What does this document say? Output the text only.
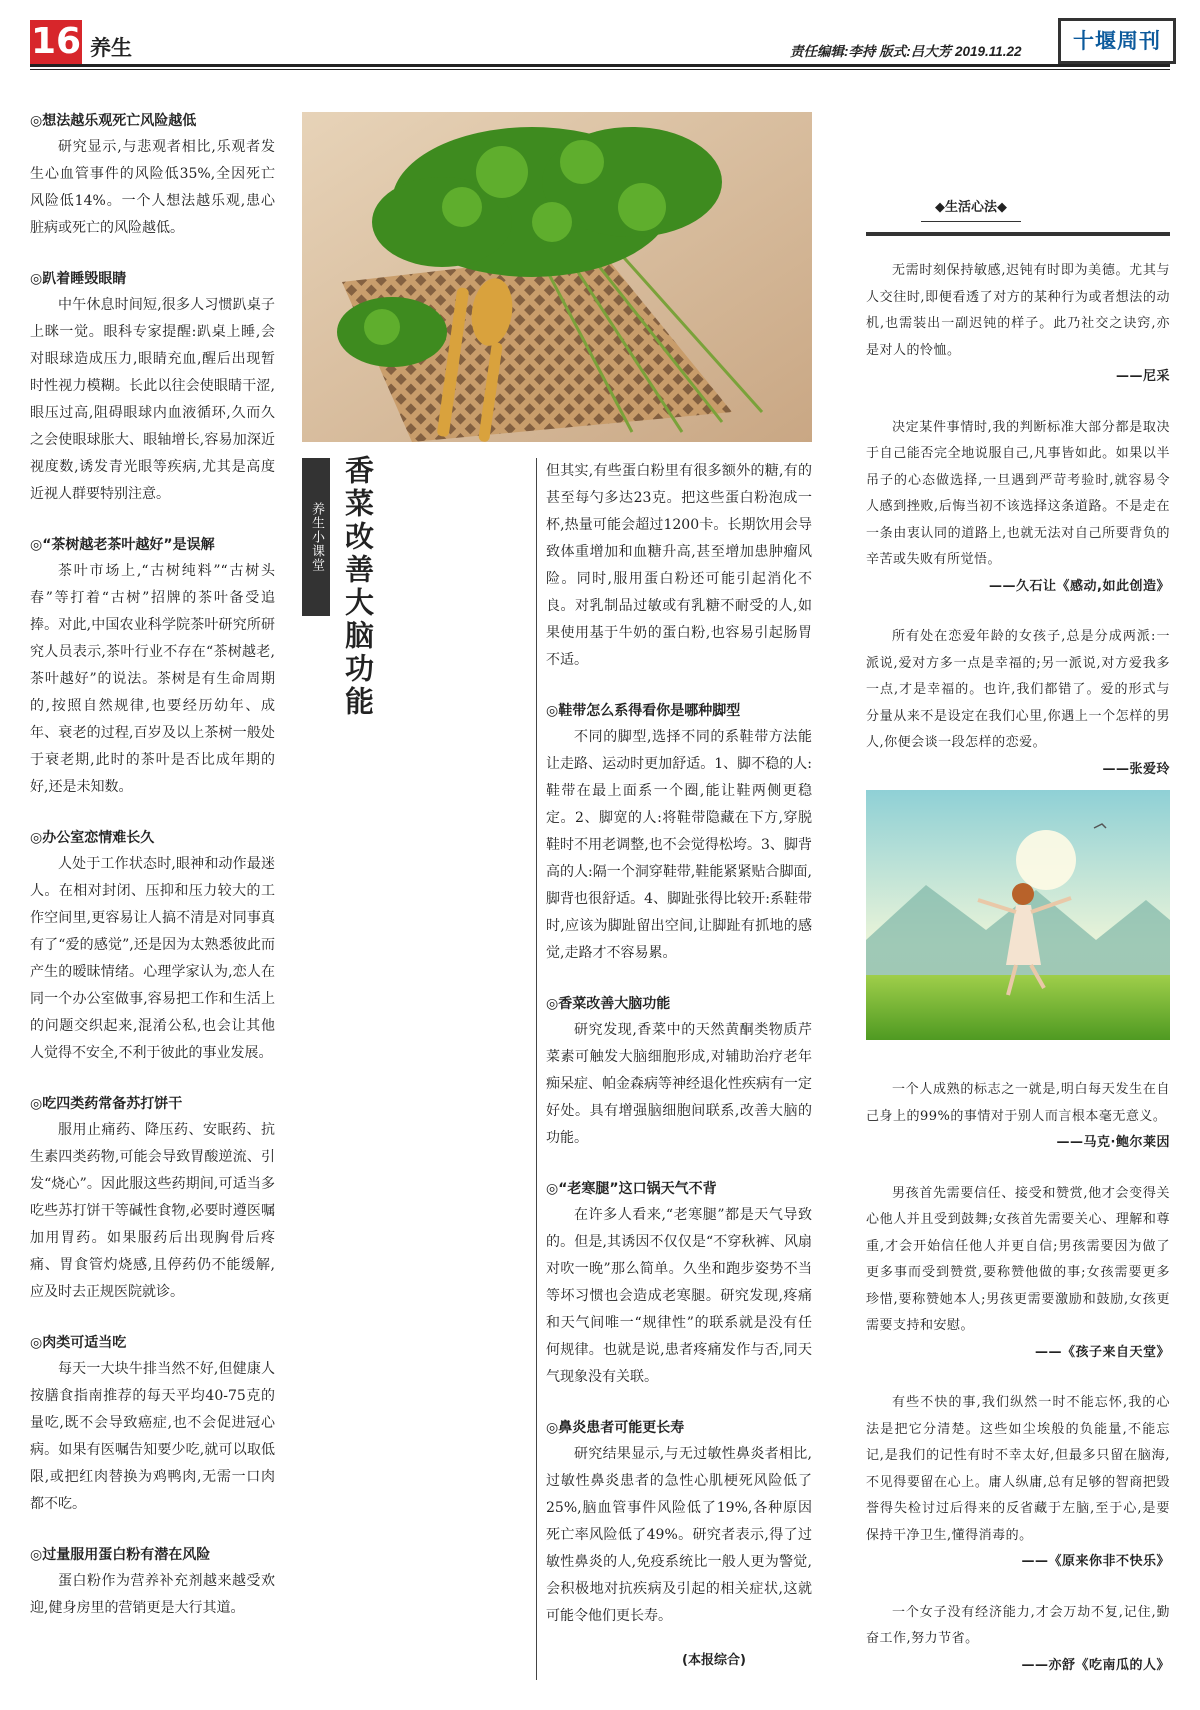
16 养生	责任编辑:李持 版式:吕大芳 2019.11.22	十堰周刊
◎想法越乐观死亡风险越低

研究显示,与悲观者相比,乐观者发生心血管事件的风险低35%,全因死亡风险低14%。一个人想法越乐观,患心脏病或死亡的风险越低。

◎趴着睡毁眼睛

中午休息时间短,很多人习惯趴桌子上眯一觉。眼科专家提醒:趴桌上睡,会对眼球造成压力,眼睛充血,醒后出现暂时性视力模糊。长此以往会使眼睛干涩,眼压过高,阻碍眼球内血液循环,久而久之会使眼球胀大、眼轴增长,容易加深近视度数,诱发青光眼等疾病,尤其是高度近视人群要特别注意。

◎“茶树越老茶叶越好”是误解

茶叶市场上,“古树纯料”“古树头春”等打着“古树”招牌的茶叶备受追捧。对此,中国农业科学院茶叶研究所研究人员表示,茶叶行业不存在“茶树越老,茶叶越好”的说法。茶树是有生命周期的,按照自然规律,也要经历幼年、成年、衰老的过程,百岁及以上茶树一般处于衰老期,此时的茶叶是否比成年期的好,还是未知数。

◎办公室恋情难长久

人处于工作状态时,眼神和动作最迷人。在相对封闭、压抑和压力较大的工作空间里,更容易让人搞不清是对同事真有了“爱的感觉”,还是因为太熟悉彼此而产生的暧昧情绪。心理学家认为,恋人在同一个办公室做事,容易把工作和生活上的问题交织起来,混淆公私,也会让其他人觉得不安全,不利于彼此的事业发展。

◎吃四类药常备苏打饼干

服用止痛药、降压药、安眠药、抗生素四类药物,可能会导致胃酸逆流、引发“烧心”。因此服这些药期间,可适当多吃些苏打饼干等碱性食物,必要时遵医嘱加用胃药。如果服药后出现胸骨后疼痛、胃食管灼烧感,且停药仍不能缓解,应及时去正规医院就诊。

◎肉类可适当吃

每天一大块牛排当然不好,但健康人按膳食指南推荐的每天平均40-75克的量吃,既不会导致癌症,也不会促进冠心病。如果有医嘱告知要少吃,就可以取低限,或把红肉替换为鸡鸭肉,无需一口肉都不吃。

◎过量服用蛋白粉有潜在风险

蛋白粉作为营养补充剂越来越受欢迎,健身房里的营销更是大行其道。

养生小课堂 香菜改善大脑功能	但其实,有些蛋白粉里有很多额外的糖,有的甚至每勺多达23克。把这些蛋白粉泡成一杯,热量可能会超过1200卡。长期饮用会导致体重增加和血糖升高,甚至增加患肿瘤风险。同时,服用蛋白粉还可能引起消化不良。对乳制品过敏或有乳糖不耐受的人,如果使用基于牛奶的蛋白粉,也容易引起肠胃不适。

◎鞋带怎么系得看你是哪种脚型

不同的脚型,选择不同的系鞋带方法能让走路、运动时更加舒适。1、脚不稳的人:鞋带在最上面系一个圈,能让鞋两侧更稳定。2、脚宽的人:将鞋带隐藏在下方,穿脱鞋时不用老调整,也不会觉得松垮。3、脚背高的人:隔一个洞穿鞋带,鞋能紧紧贴合脚面,脚背也很舒适。4、脚趾张得比较开:系鞋带时,应该为脚趾留出空间,让脚趾有抓地的感觉,走路才不容易累。

◎香菜改善大脑功能

研究发现,香菜中的天然黄酮类物质芹菜素可触发大脑细胞形成,对辅助治疗老年痴呆症、帕金森病等神经退化性疾病有一定好处。具有增强脑细胞间联系,改善大脑的功能。

◎“老寒腿”这口锅天气不背

在许多人看来,“老寒腿”都是天气导致的。但是,其诱因不仅仅是“不穿秋裤、风扇对吹一晚”那么简单。久坐和跑步姿势不当等坏习惯也会造成老寒腿。研究发现,疼痛和天气间唯一“规律性”的联系就是没有任何规律。也就是说,患者疼痛发作与否,同天气现象没有关联。

◎鼻炎患者可能更长寿

研究结果显示,与无过敏性鼻炎者相比,过敏性鼻炎患者的急性心肌梗死风险低了25%,脑血管事件风险低了19%,各种原因死亡率风险低了49%。研究者表示,得了过敏性鼻炎的人,免疫系统比一般人更为警觉,会积极地对抗疾病及引起的相关症状,这就可能令他们更长寿。

(本报综合)
◆生活心法◆

无需时刻保持敏感,迟钝有时即为美德。尤其与人交往时,即便看透了对方的某种行为或者想法的动机,也需装出一副迟钝的样子。此乃社交之诀窍,亦是对人的怜恤。

——尼采

决定某件事情时,我的判断标准大部分都是取决于自己能否完全地说服自己,凡事皆如此。如果以半吊子的心态做选择,一旦遇到严苛考验时,就容易令人感到挫败,后悔当初不该选择这条道路。不是走在一条由衷认同的道路上,也就无法对自己所要背负的辛苦或失败有所觉悟。

——久石让《感动,如此创造》

所有处在恋爱年龄的女孩子,总是分成两派:一派说,爱对方多一点是幸福的;另一派说,对方爱我多一点,才是幸福的。也许,我们都错了。爱的形式与分量从来不是设定在我们心里,你遇上一个怎样的男人,你便会谈一段怎样的恋爱。

——张爱玲

一个人成熟的标志之一就是,明白每天发生在自己身上的99%的事情对于别人而言根本毫无意义。

——马克·鲍尔莱因

男孩首先需要信任、接受和赞赏,他才会变得关心他人并且受到鼓舞;女孩首先需要关心、理解和尊重,才会开始信任他人并更自信;男孩需要因为做了更多事而受到赞赏,要称赞他做的事;女孩需要更多珍惜,要称赞她本人;男孩更需要激励和鼓励,女孩更需要支持和安慰。

——《孩子来自天堂》

有些不快的事,我们纵然一时不能忘怀,我的心法是把它分清楚。这些如尘埃般的负能量,不能忘记,是我们的记性有时不幸太好,但最多只留在脑海,不见得要留在心上。庸人纵庸,总有足够的智商把毁誉得失检讨过后得来的反省藏于左脑,至于心,是要保持干净卫生,懂得消毒的。

——《原来你非不快乐》

一个女子没有经济能力,才会万劫不复,记住,勤奋工作,努力节省。

——亦舒《吃南瓜的人》
